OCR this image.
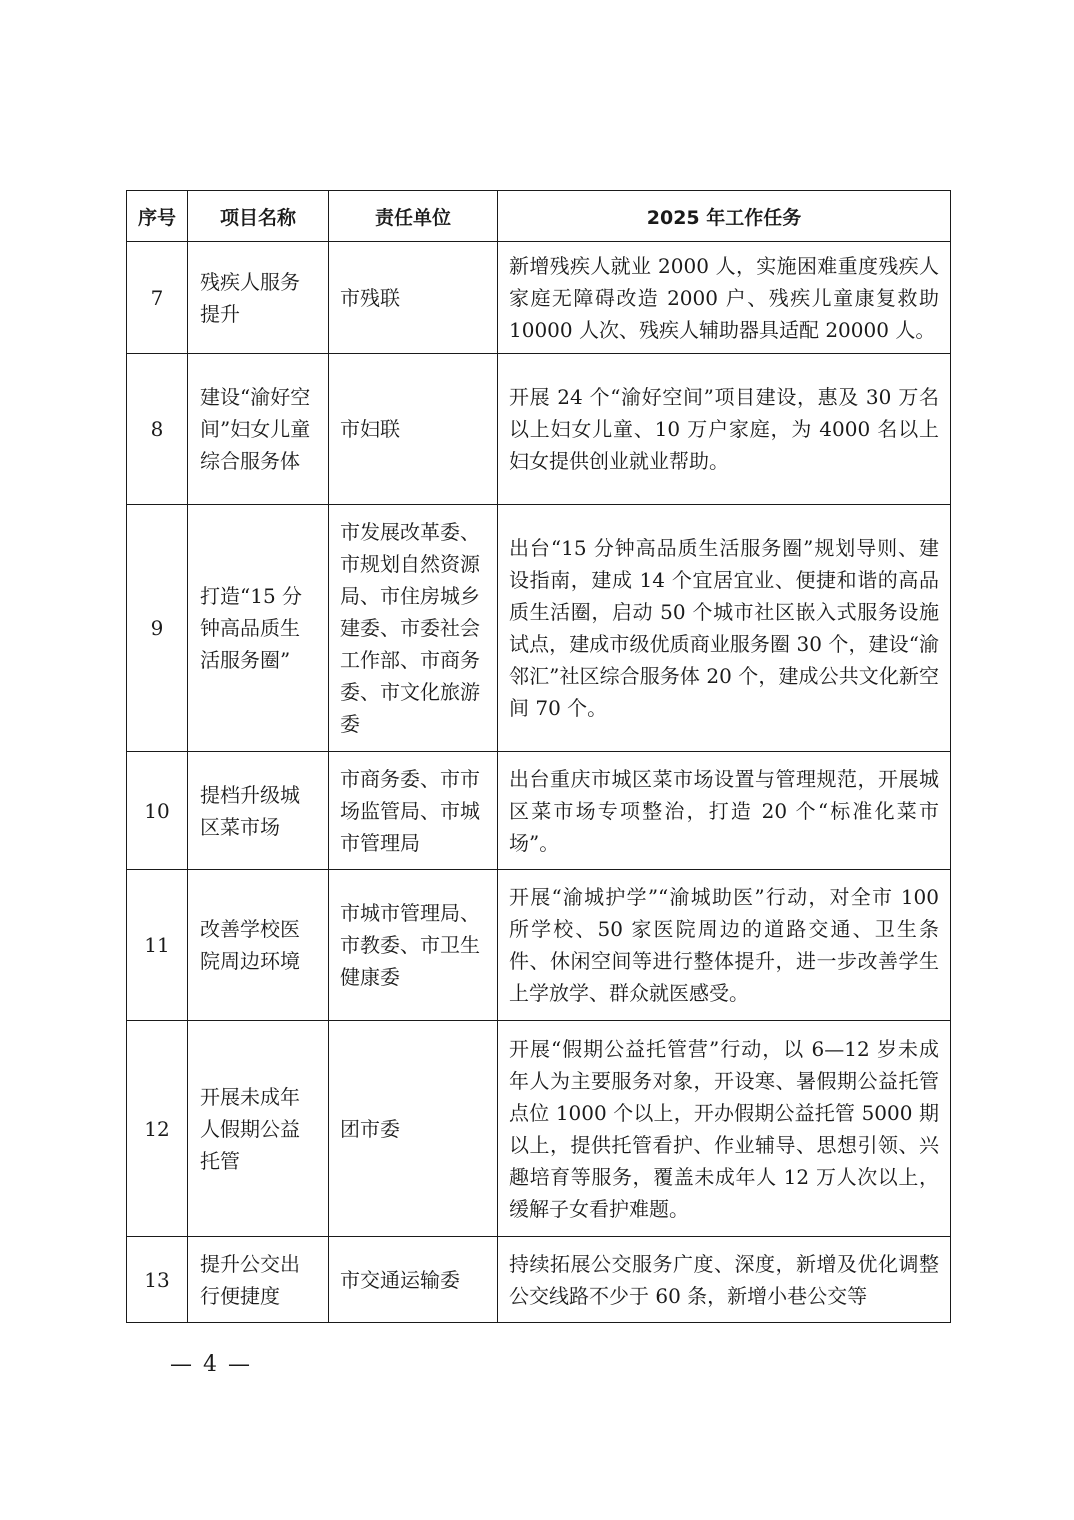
序号	项目名称	责任单位	2025 年工作任务
7	残疾人服务提升	市残联	新增残疾人就业 2000 人，实施困难重度残疾人家庭无障碍改造 2000 户、残疾儿童康复救助 10000 人次、残疾人辅助器具适配 20000 人。
8	建设“渝好空间”妇女儿童综合服务体	市妇联	开展 24 个“渝好空间”项目建设，惠及 30 万名以上妇女儿童、10 万户家庭，为 4000 名以上妇女提供创业就业帮助。
9	打造“15 分钟高品质生活服务圈”	市发展改革委、市规划自然资源局、市住房城乡建委、市委社会工作部、市商务委、市文化旅游委	出台“15 分钟高品质生活服务圈”规划导则、建设指南，建成 14 个宜居宜业、便捷和谐的高品质生活圈，启动 50 个城市社区嵌入式服务设施试点，建成市级优质商业服务圈 30 个，建设“渝邻汇”社区综合服务体 20 个，建成公共文化新空间 70 个。
10	提档升级城区菜市场	市商务委、市市场监管局、市城市管理局	出台重庆市城区菜市场设置与管理规范，开展城区菜市场专项整治，打造 20 个“标准化菜市场”。
11	改善学校医院周边环境	市城市管理局、市教委、市卫生健康委	开展“渝城护学”“渝城助医”行动，对全市 100 所学校、50 家医院周边的道路交通、卫生条件、休闲空间等进行整体提升，进一步改善学生上学放学、群众就医感受。
12	开展未成年人假期公益托管	团市委	开展“假期公益托管营”行动，以 6—12 岁未成年人为主要服务对象，开设寒、暑假期公益托管点位 1000 个以上，开办假期公益托管 5000 期以上，提供托管看护、作业辅导、思想引领、兴趣培育等服务，覆盖未成年人 12 万人次以上，缓解子女看护难题。
13	提升公交出行便捷度	市交通运输委	持续拓展公交服务广度、深度，新增及优化调整公交线路不少于 60 条，新增小巷公交等
— 4 —
